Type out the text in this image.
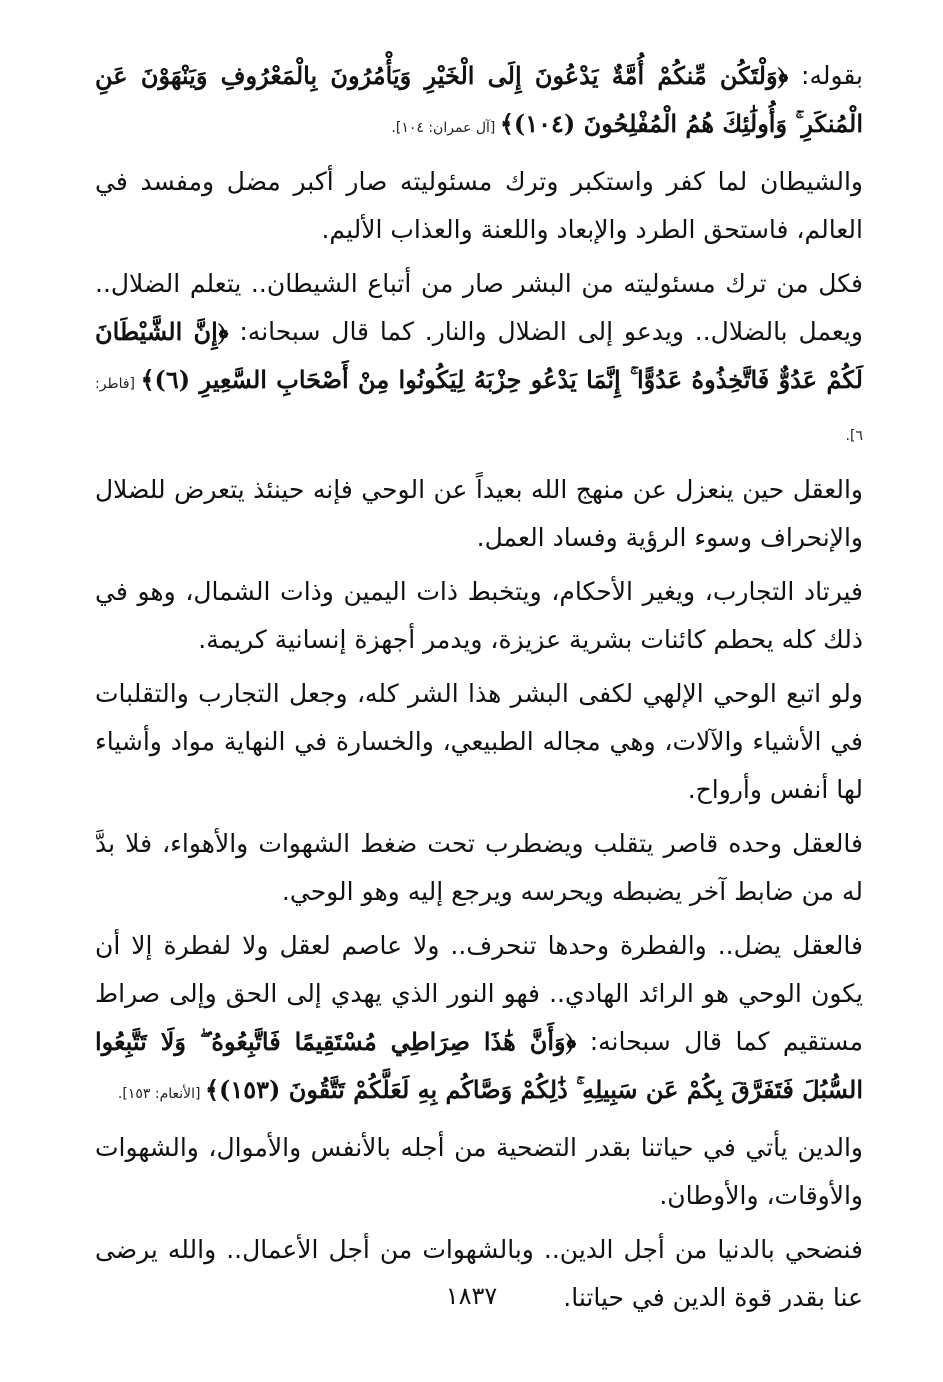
بقوله: ﴿وَلْتَكُن مِّنكُمْ أُمَّةٌ يَدْعُونَ إِلَى الْخَيْرِ وَيَأْمُرُونَ بِالْمَعْرُوفِ وَيَنْهَوْنَ عَنِ الْمُنكَرِ ۚ وَأُولَٰئِكَ هُمُ الْمُفْلِحُونَ (١٠٤)﴾ [آل عمران: ١٠٤].

والشيطان لما كفر واستكبر وترك مسئوليته صار أكبر مضل ومفسد في العالم، فاستحق الطرد والإبعاد واللعنة والعذاب الأليم.

فكل من ترك مسئوليته من البشر صار من أتباع الشيطان.. يتعلم الضلال.. ويعمل بالضلال.. ويدعو إلى الضلال والنار. كما قال سبحانه: ﴿إِنَّ الشَّيْطَانَ لَكُمْ عَدُوٌّ فَاتَّخِذُوهُ عَدُوًّا ۚ إِنَّمَا يَدْعُو حِزْبَهُ لِيَكُونُوا مِنْ أَصْحَابِ السَّعِيرِ (٦)﴾ [فاطر: ٦].

والعقل حين ينعزل عن منهج الله بعيداً عن الوحي فإنه حينئذ يتعرض للضلال والإنحراف وسوء الرؤية وفساد العمل.

فيرتاد التجارب، ويغير الأحكام، ويتخبط ذات اليمين وذات الشمال، وهو في ذلك كله يحطم كائنات بشرية عزيزة، ويدمر أجهزة إنسانية كريمة.

ولو اتبع الوحي الإلهي لكفى البشر هذا الشر كله، وجعل التجارب والتقلبات في الأشياء والآلات، وهي مجاله الطبيعي، والخسارة في النهاية مواد وأشياء لها أنفس وأرواح.

فالعقل وحده قاصر يتقلب ويضطرب تحت ضغط الشهوات والأهواء، فلا بدَّ له من ضابط آخر يضبطه ويحرسه ويرجع إليه وهو الوحي.

فالعقل يضل.. والفطرة وحدها تنحرف.. ولا عاصم لعقل ولا لفطرة إلا أن يكون الوحي هو الرائد الهادي.. فهو النور الذي يهدي إلى الحق وإلى صراط مستقيم كما قال سبحانه: ﴿وَأَنَّ هَٰذَا صِرَاطِي مُسْتَقِيمًا فَاتَّبِعُوهُ ۖ وَلَا تَتَّبِعُوا السُّبُلَ فَتَفَرَّقَ بِكُمْ عَن سَبِيلِهِ ۚ ذَٰلِكُمْ وَصَّاكُم بِهِ لَعَلَّكُمْ تَتَّقُونَ (١٥٣)﴾ [الأنعام: ١٥٣].

والدين يأتي في حياتنا بقدر التضحية من أجله بالأنفس والأموال، والشهوات والأوقات، والأوطان.

فنضحي بالدنيا من أجل الدين.. وبالشهوات من أجل الأعمال.. والله يرضى عنا بقدر قوة الدين في حياتنا.

١٨٣٧
